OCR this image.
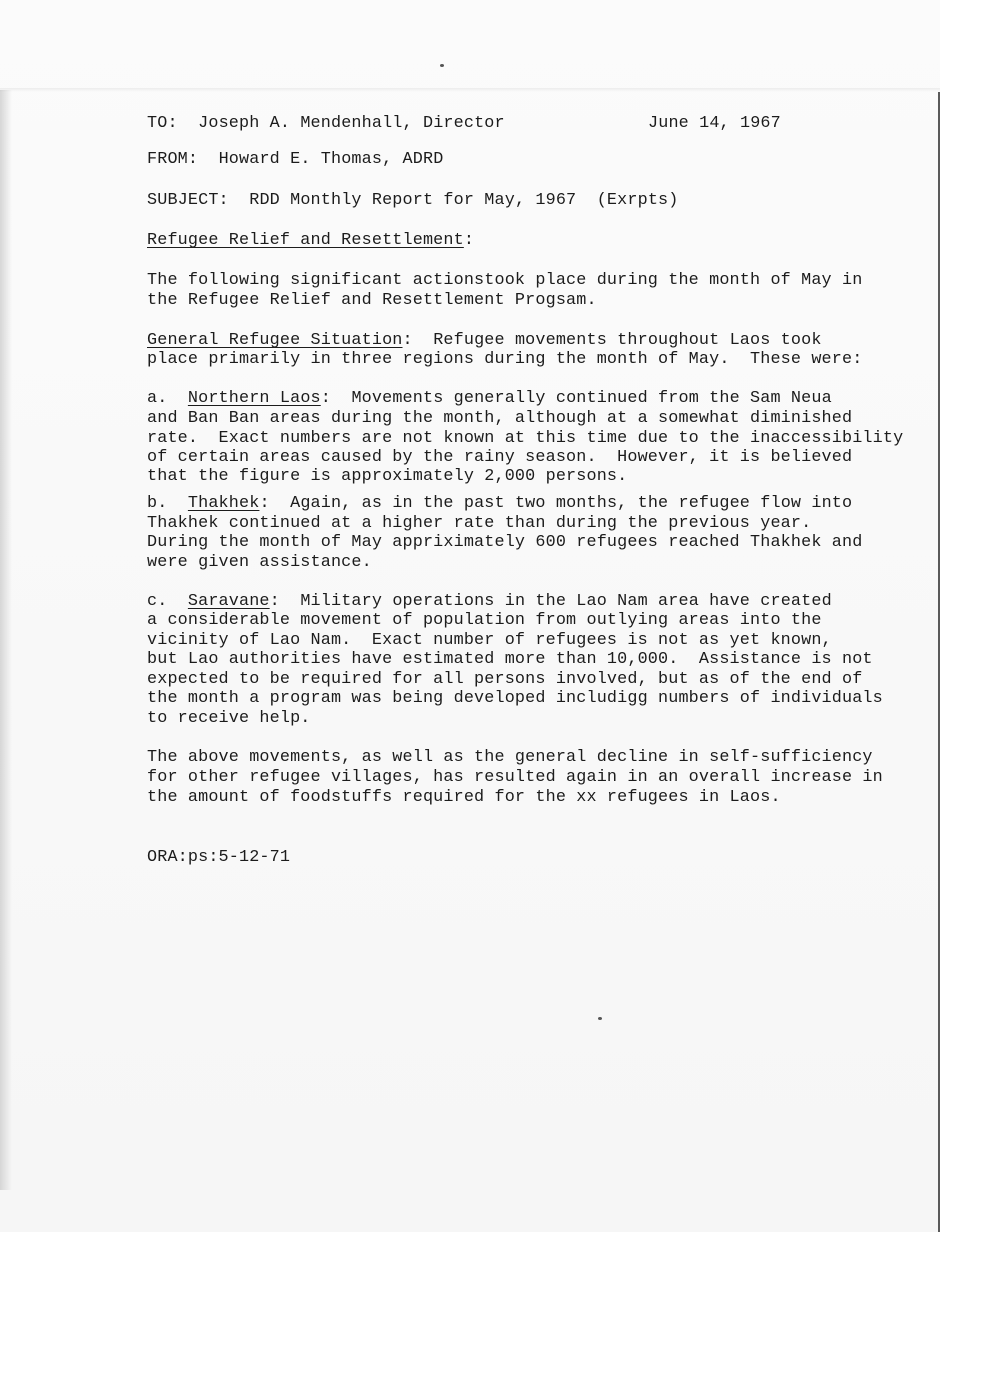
TO: Joseph A. Mendenhall, Director	June 14, 1967
FROM: Howard E. Thomas, ADRD
SUBJECT: RDD Monthly Report for May, 1967  (Exrpts)
Refugee Relief and Resettlement:
The following significant actionstook place during the month of May in
the Refugee Relief and Resettlement Progsam.
General Refugee Situation:  Refugee movements throughout Laos took
place primarily in three regions during the month of May.  These were:
a.  Northern Laos:  Movements generally continued from the Sam Neua
and Ban Ban areas during the month, although at a somewhat diminished
rate.  Exact numbers are not known at this time due to the inaccessibility
of certain areas caused by the rainy season.  However, it is believed
that the figure is approximately 2,000 persons.
b.  Thakhek:  Again, as in the past two months, the refugee flow into
Thakhek continued at a higher rate than during the previous year.
During the month of May appriximately 600 refugees reached Thakhek and
were given assistance.
c.  Saravane:  Military operations in the Lao Nam area have created
a considerable movement of population from outlying areas into the
vicinity of Lao Nam.  Exact number of refugees is not as yet known,
but Lao authorities have estimated more than 10,000.  Assistance is not
expected to be required for all persons involved, but as of the end of
the month a program was being developed includigg numbers of individuals
to receive help.
The above movements, as well as the general decline in self-sufficiency
for other refugee villages, has resulted again in an overall increase in
the amount of foodstuffs required for the xx refugees in Laos.
ORA:ps:5-12-71
